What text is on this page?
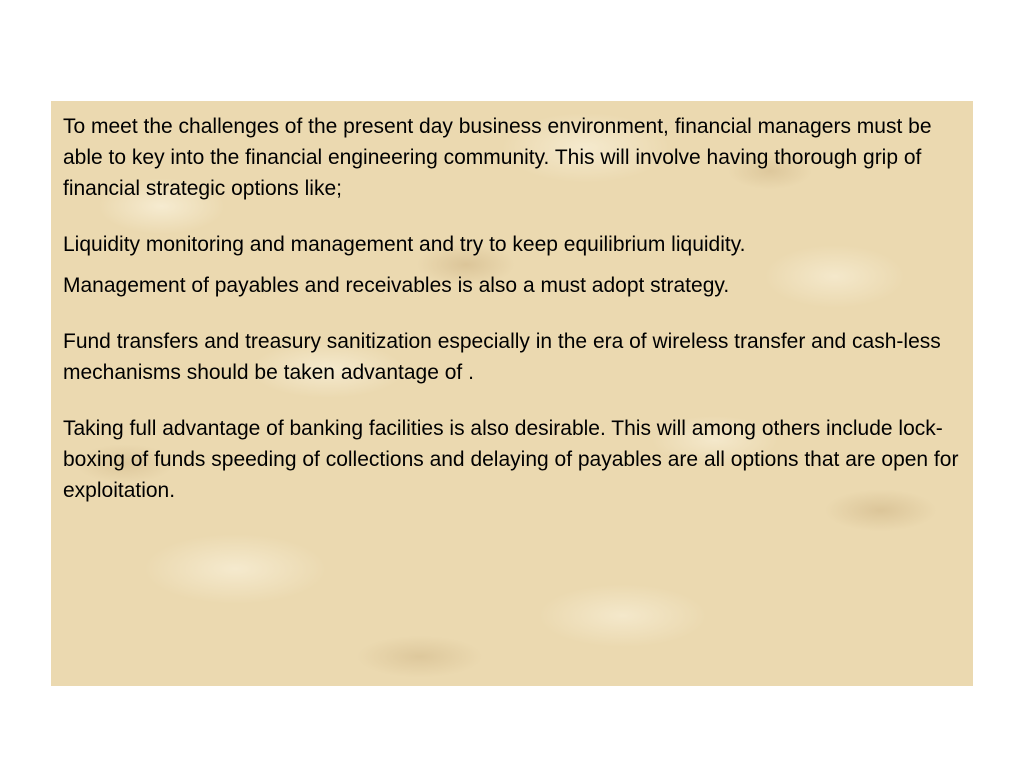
To meet the challenges of the present day business environment, financial managers must be able to key into the financial engineering community. This will involve having thorough grip of financial strategic options like;

Liquidity monitoring and management and try to keep equilibrium liquidity.

Management of payables and receivables is also a must adopt strategy.

Fund transfers and treasury sanitization especially in the era of wireless transfer and cash-less mechanisms should be taken advantage of .

Taking full advantage of banking facilities is also desirable. This will among others include lock-boxing of funds speeding of collections and delaying of payables are all options that are open for exploitation.
